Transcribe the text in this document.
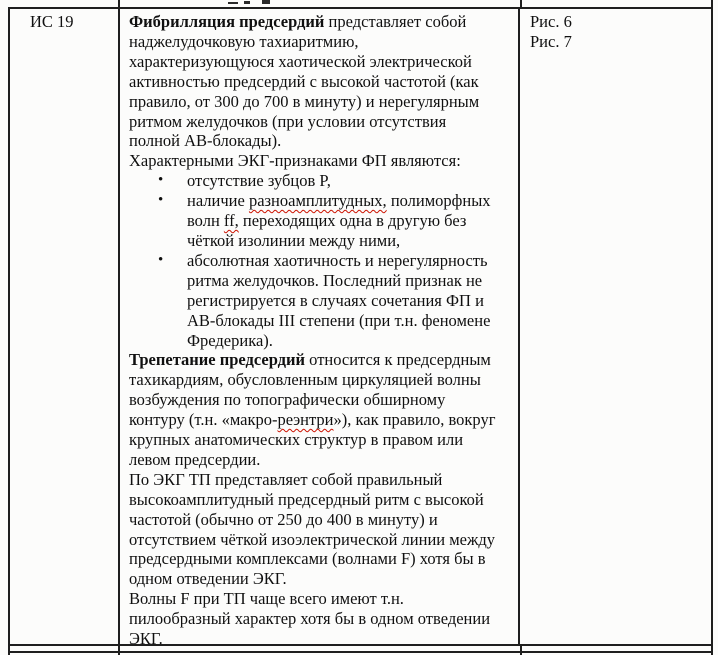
ИС 19	Фибрилляция предсердий представляет собой наджелудочковую тахиаритмию, характеризующуюся хаотической электрической активностью предсердий с высокой частотой (как правило, от 300 до 700 в минуту) и нерегулярным ритмом желудочков (при условии отсутствия полной АВ-блокады).

Характерными ЭКГ-признаками ФП являются:

• отсутствие зубцов P,
• наличие разноамплитудных, полиморфных волн ff, переходящих одна в другую без чёткой изолинии между ними,
• абсолютная хаотичность и нерегулярность ритма желудочков. Последний признак не регистрируется в случаях сочетания ФП и АВ-блокады III степени (при т.н. феномене Фредерика).

Трепетание предсердий относится к предсердным тахикардиям, обусловленным циркуляцией волны возбуждения по топографически обширному контуру (т.н. «макро-реэнтри»), как правило, вокруг крупных анатомических структур в правом или левом предсердии.

По ЭКГ ТП представляет собой правильный высокоамплитудный предсердный ритм с высокой частотой (обычно от 250 до 400 в минуту) и отсутствием чёткой изоэлектрической линии между предсердными комплексами (волнами F) хотя бы в одном отведении ЭКГ.

Волны F при ТП чаще всего имеют т.н. пилообразный характер хотя бы в одном отведении ЭКГ.

Рис. 6
Рис. 7
